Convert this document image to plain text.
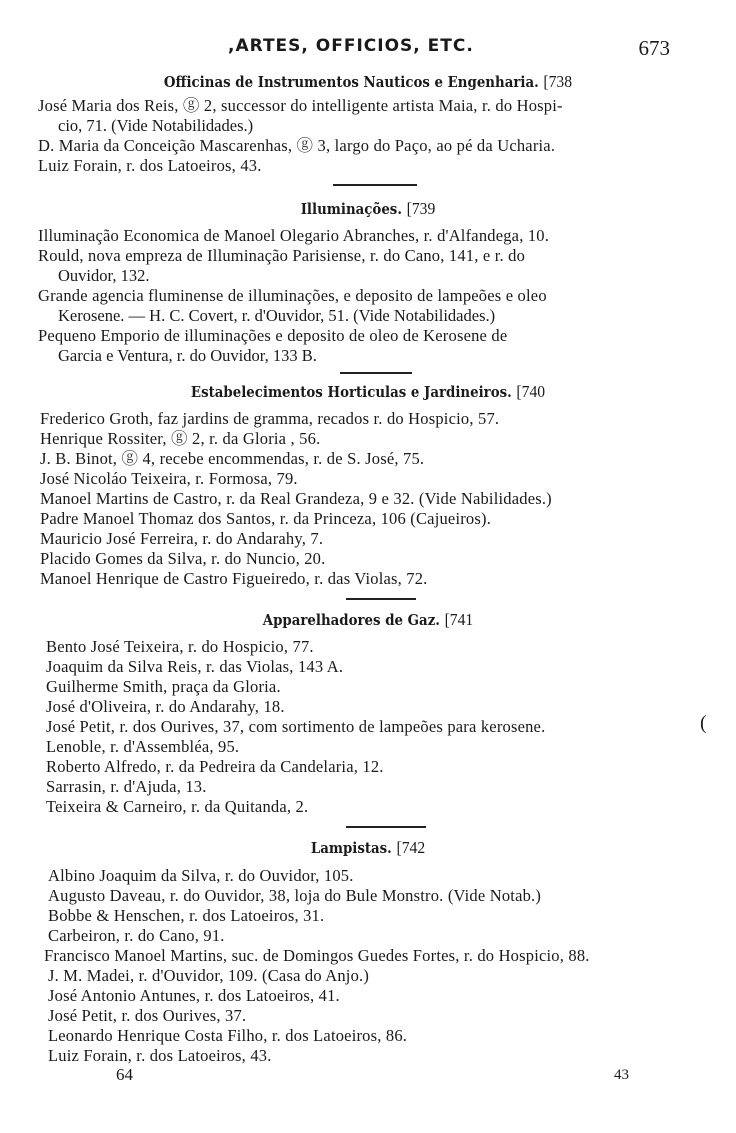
,ARTES, OFFICIOS, ETC.	673
Officinas de Instrumentos Nauticos e Engenharia. [738
José Maria dos Reis, ⓖ 2, successor do intelligente artista Maia, r. do Hospi-
cio, 71. (Vide Notabilidades.)
D. Maria da Conceição Mascarenhas, ⓖ 3, largo do Paço, ao pé da Ucharia.
Luiz Forain, r. dos Latoeiros, 43.
Illuminações. [739
Illuminação Economica de Manoel Olegario Abranches, r. d'Alfandega, 10.
Rould, nova empreza de Illuminação Parisiense, r. do Cano, 141, e r. do
Ouvidor, 132.
Grande agencia fluminense de illuminações, e deposito de lampeões e oleo
Kerosene. — H. C. Covert, r. d'Ouvidor, 51. (Vide Notabilidades.)
Pequeno Emporio de illuminações e deposito de oleo de Kerosene de
Garcia e Ventura, r. do Ouvidor, 133 B.
Estabelecimentos Horticulas e Jardineiros. [740
Frederico Groth, faz jardins de gramma, recados r. do Hospicio, 57.
Henrique Rossiter, ⓖ 2, r. da Gloria , 56.
J. B. Binot, ⓖ 4, recebe encommendas, r. de S. José, 75.
José Nicoláo Teixeira, r. Formosa, 79.
Manoel Martins de Castro, r. da Real Grandeza, 9 e 32. (Vide Nabilidades.)
Padre Manoel Thomaz dos Santos, r. da Princeza, 106 (Cajueiros).
Mauricio José Ferreira, r. do Andarahy, 7.
Placido Gomes da Silva, r. do Nuncio, 20.
Manoel Henrique de Castro Figueiredo, r. das Violas, 72.
Apparelhadores de Gaz. [741
Bento José Teixeira, r. do Hospicio, 77.
Joaquim da Silva Reis, r. das Violas, 143 A.
Guilherme Smith, praça da Gloria.
José d'Oliveira, r. do Andarahy, 18.
José Petit, r. dos Ourives, 37, com sortimento de lampeões para kerosene.
Lenoble, r. d'Assembléa, 95.
Roberto Alfredo, r. da Pedreira da Candelaria, 12.
Sarrasin, r. d'Ajuda, 13.
Teixeira & Carneiro, r. da Quitanda, 2.
Lampistas. [742
Albino Joaquim da Silva, r. do Ouvidor, 105.
Augusto Daveau, r. do Ouvidor, 38, loja do Bule Monstro. (Vide Notab.)
Bobbe & Henschen, r. dos Latoeiros, 31.
Carbeiron, r. do Cano, 91.
Francisco Manoel Martins, suc. de Domingos Guedes Fortes, r. do Hospicio, 88.
J. M. Madei, r. d'Ouvidor, 109. (Casa do Anjo.)
José Antonio Antunes, r. dos Latoeiros, 41.
José Petit, r. dos Ourives, 37.
Leonardo Henrique Costa Filho, r. dos Latoeiros, 86.
Luiz Forain, r. dos Latoeiros, 43.
(
64	43
